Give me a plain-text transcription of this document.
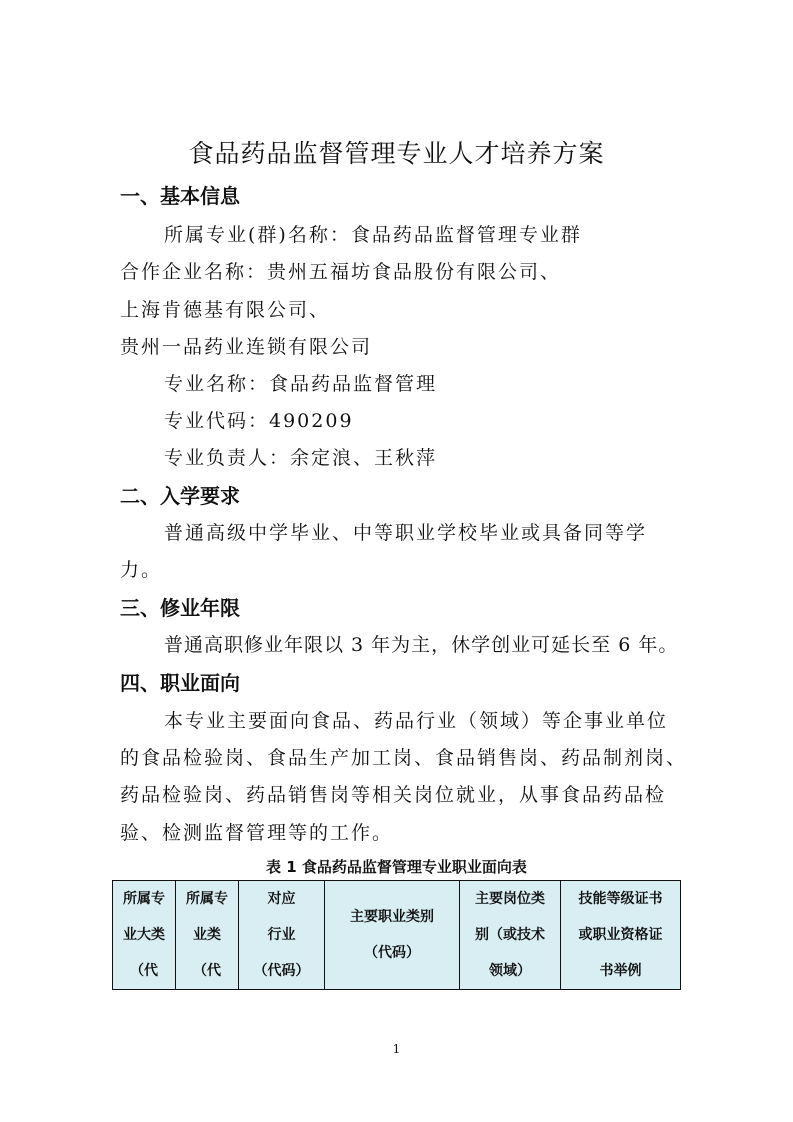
食品药品监督管理专业人才培养方案
一、基本信息
所属专业(群)名称：食品药品监督管理专业群
合作企业名称：贵州五福坊食品股份有限公司、
上海肯德基有限公司、
贵州一品药业连锁有限公司
专业名称：食品药品监督管理
专业代码：490209
专业负责人：余定浪、王秋萍
二、入学要求
普通高级中学毕业、中等职业学校毕业或具备同等学
力。
三、修业年限
普通高职修业年限以 3 年为主，休学创业可延长至 6 年。
四、职业面向
本专业主要面向食品、药品行业（领域）等企事业单位
的食品检验岗、食品生产加工岗、食品销售岗、药品制剂岗、
药品检验岗、药品销售岗等相关岗位就业，从事食品药品检
验、检测监督管理等的工作。
表 1 食品药品监督管理专业职业面向表
所属专
业大类
（代

所属专
业类
（代

对应
行业
（代码）

主要职业类别
（代码）

主要岗位类
别（或技术
领域）

技能等级证书
或职业资格证
书举例
1
